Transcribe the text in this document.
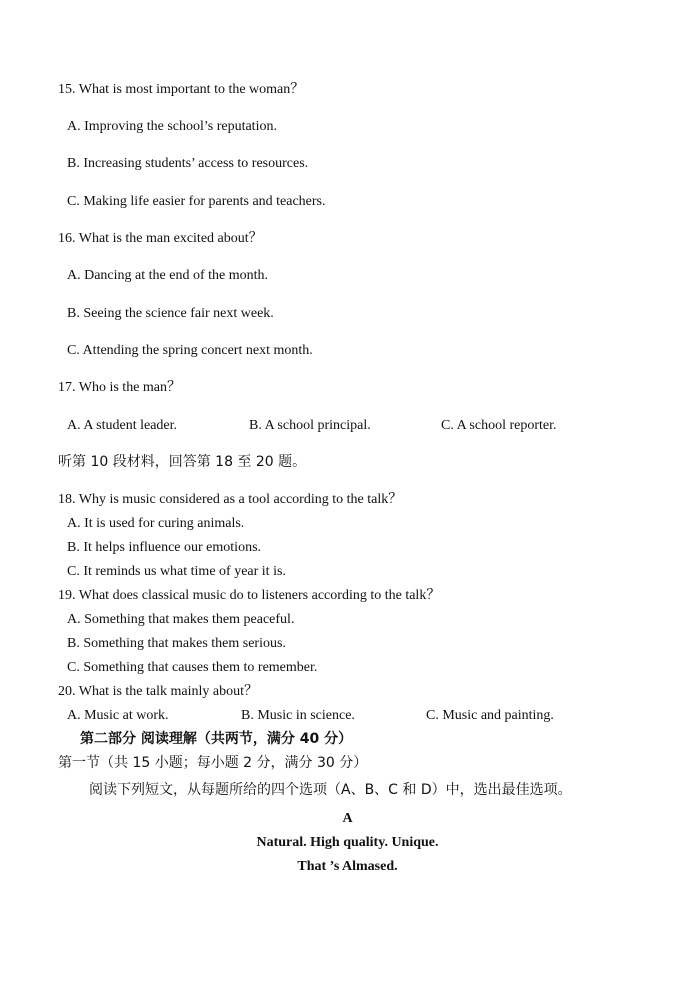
15. What is most important to the woman？
A. Improving the school’s reputation.
B. Increasing students’ access to resources.
C. Making life easier for parents and teachers.
16. What is the man excited about？
A. Dancing at the end of the month.
B. Seeing the science fair next week.
C. Attending the spring concert next month.
17. Who is the man？
A. A student leader.	B. A school principal.	C. A school reporter.
听第 10 段材料，回答第 18 至 20 题。
18. Why is music considered as a tool according to the talk？
A. It is used for curing animals.
B. It helps influence our emotions.
C. It reminds us what time of year it is.
19. What does classical music do to listeners according to the talk？
A. Something that makes them peaceful.
B. Something that makes them serious.
C. Something that causes them to remember.
20. What is the talk mainly about？
A. Music at work.	B. Music in science.	C. Music and painting.
第二部分 阅读理解（共两节，满分 40 分）
第一节（共 15 小题；每小题 2 分，满分 30 分）
阅读下列短文，从每题所给的四个选项（A、B、C 和 D）中，选出最佳选项。
A
Natural. High quality. Unique.
That ’s Almased.
